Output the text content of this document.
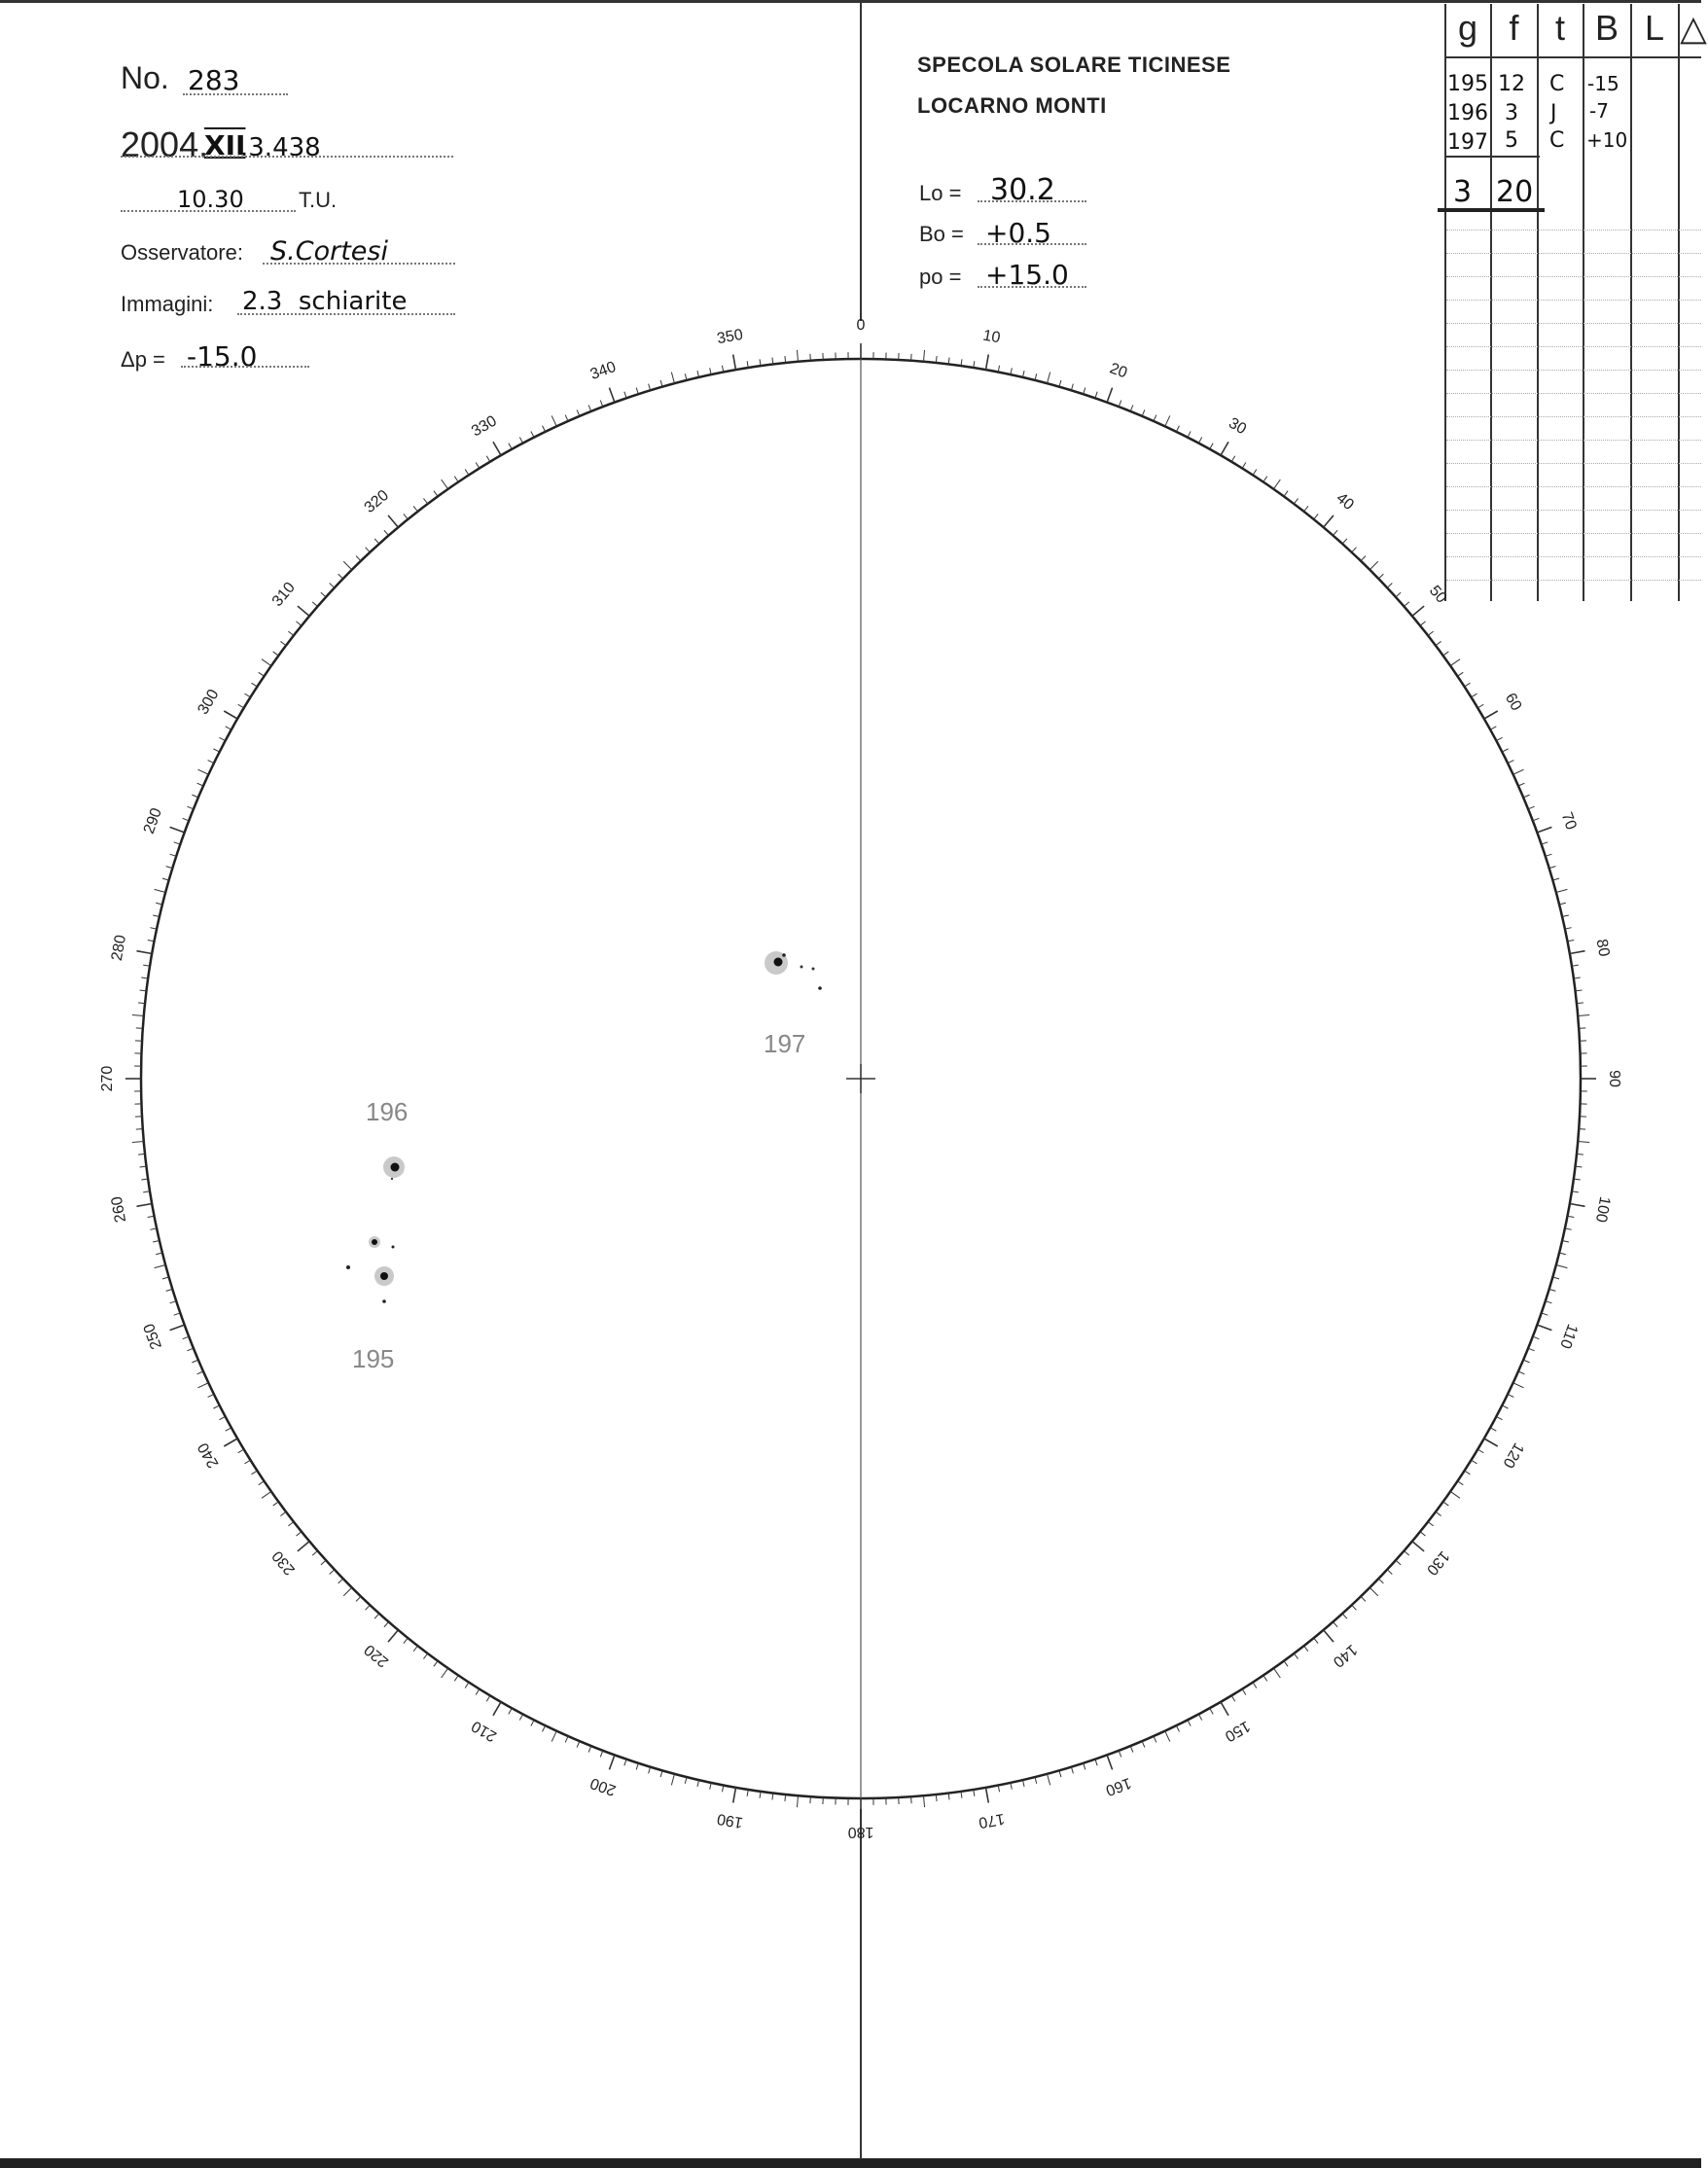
No. 283
2004.
XII
.3.438
10.30	T.U.
Osservatore: S.Cortesi
Immagini: 2.3  schiarite
Δp = -15.0
SPECOLA SOLARE TICINESE
LOCARNO MONTI
Lo = 30.2
Bo = +0.5
po = +15.0
g f	t B L △
195 12 C -15
196 3 J -7
197 5 C +10
3 20
0
10
20
30
40
50
60
70
80
90
100
110
120
130
140
150
160
170
180
190
200
210
220
230
240
250
260
270
280
290
300
310
320
330
340
350
197
196
195
